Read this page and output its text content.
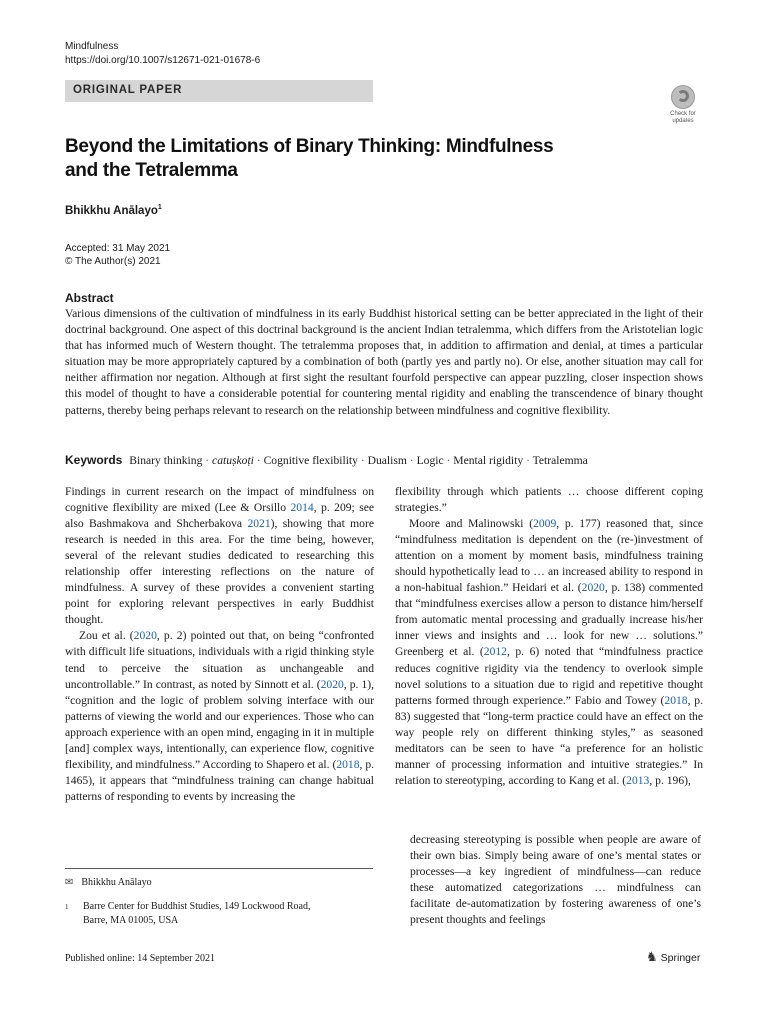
Mindfulness
https://doi.org/10.1007/s12671-021-01678-6
ORIGINAL PAPER
Check for updates
Beyond the Limitations of Binary Thinking: Mindfulness and the Tetralemma
Bhikkhu Anālayo$^1$
Accepted: 31 May 2021
© The Author(s) 2021
Abstract
Various dimensions of the cultivation of mindfulness in its early Buddhist historical setting can be better appreciated in the light of their doctrinal background. One aspect of this doctrinal background is the ancient Indian tetralemma, which differs from the Aristotelian logic that has informed much of Western thought. The tetralemma proposes that, in addition to affirmation and denial, at times a particular situation may be more appropriately captured by a combination of both (partly yes and partly no). Or else, another situation may call for neither affirmation nor negation. Although at first sight the resultant fourfold perspective can appear puzzling, closer inspection shows this model of thought to have a considerable potential for countering mental rigidity and enabling the transcendence of binary thought patterns, thereby being perhaps relevant to research on the relationship between mindfulness and cognitive flexibility.
Keywords Binary thinking · catuṣkoṭi · Cognitive flexibility · Dualism · Logic · Mental rigidity · Tetralemma

Findings in current research on the impact of mindfulness on cognitive flexibility are mixed (Lee & Orsillo 2014, p. 209; see also Bashmakova and Shcherbakova 2021), showing that more research is needed in this area. For the time being, however, several of the relevant studies dedicated to researching this relationship offer interesting reflections on the nature of mindfulness. A survey of these provides a convenient starting point for exploring relevant perspectives in early Buddhist thought.

Zou et al. (2020, p. 2) pointed out that, on being “confronted with difficult life situations, individuals with a rigid thinking style tend to perceive the situation as unchangeable and uncontrollable.” In contrast, as noted by Sinnott et al. (2020, p. 1), “cognition and the logic of problem solving interface with our patterns of viewing the world and our experiences. Those who can approach experience with an open mind, engaging in it in multiple [and] complex ways, intentionally, can experience flow, cognitive flexibility, and mindfulness.” According to Shapero et al. (2018, p. 1465), it appears that “mindfulness training can change habitual patterns of responding to events by increasing the

flexibility through which patients … choose different coping strategies.”

Moore and Malinowski (2009, p. 177) reasoned that, since “mindfulness meditation is dependent on the (re-)investment of attention on a moment by moment basis, mindfulness training should hypothetically lead to … an increased ability to respond in a non-habitual fashion.” Heidari et al. (2020, p. 138) commented that “mindfulness exercises allow a person to distance him/herself from automatic mental processing and gradually increase his/her inner views and insights and … look for new … solutions.” Greenberg et al. (2012, p. 6) noted that “mindfulness practice reduces cognitive rigidity via the tendency to overlook simple novel solutions to a situation due to rigid and repetitive thought patterns formed through experience.” Fabio and Towey (2018, p. 83) suggested that “long-term practice could have an effect on the way people rely on different thinking styles,” as seasoned meditators can be seen to have “a preference for an holistic manner of processing information and intuitive strategies.” In relation to stereotyping, according to Kang et al. (2013, p. 196),

decreasing stereotyping is possible when people are aware of their own bias. Simply being aware of one’s mental states or processes—a key ingredient of mindfulness—can reduce these automatized categorizations … mindfulness can facilitate de-automatization by fostering awareness of one’s present thoughts and feelings
✉ Bhikkhu Anālayo
1 Barre Center for Buddhist Studies, 149 Lockwood Road,
Barre, MA 01005, USA
Published online: 14 September 2021	♞ Springer
